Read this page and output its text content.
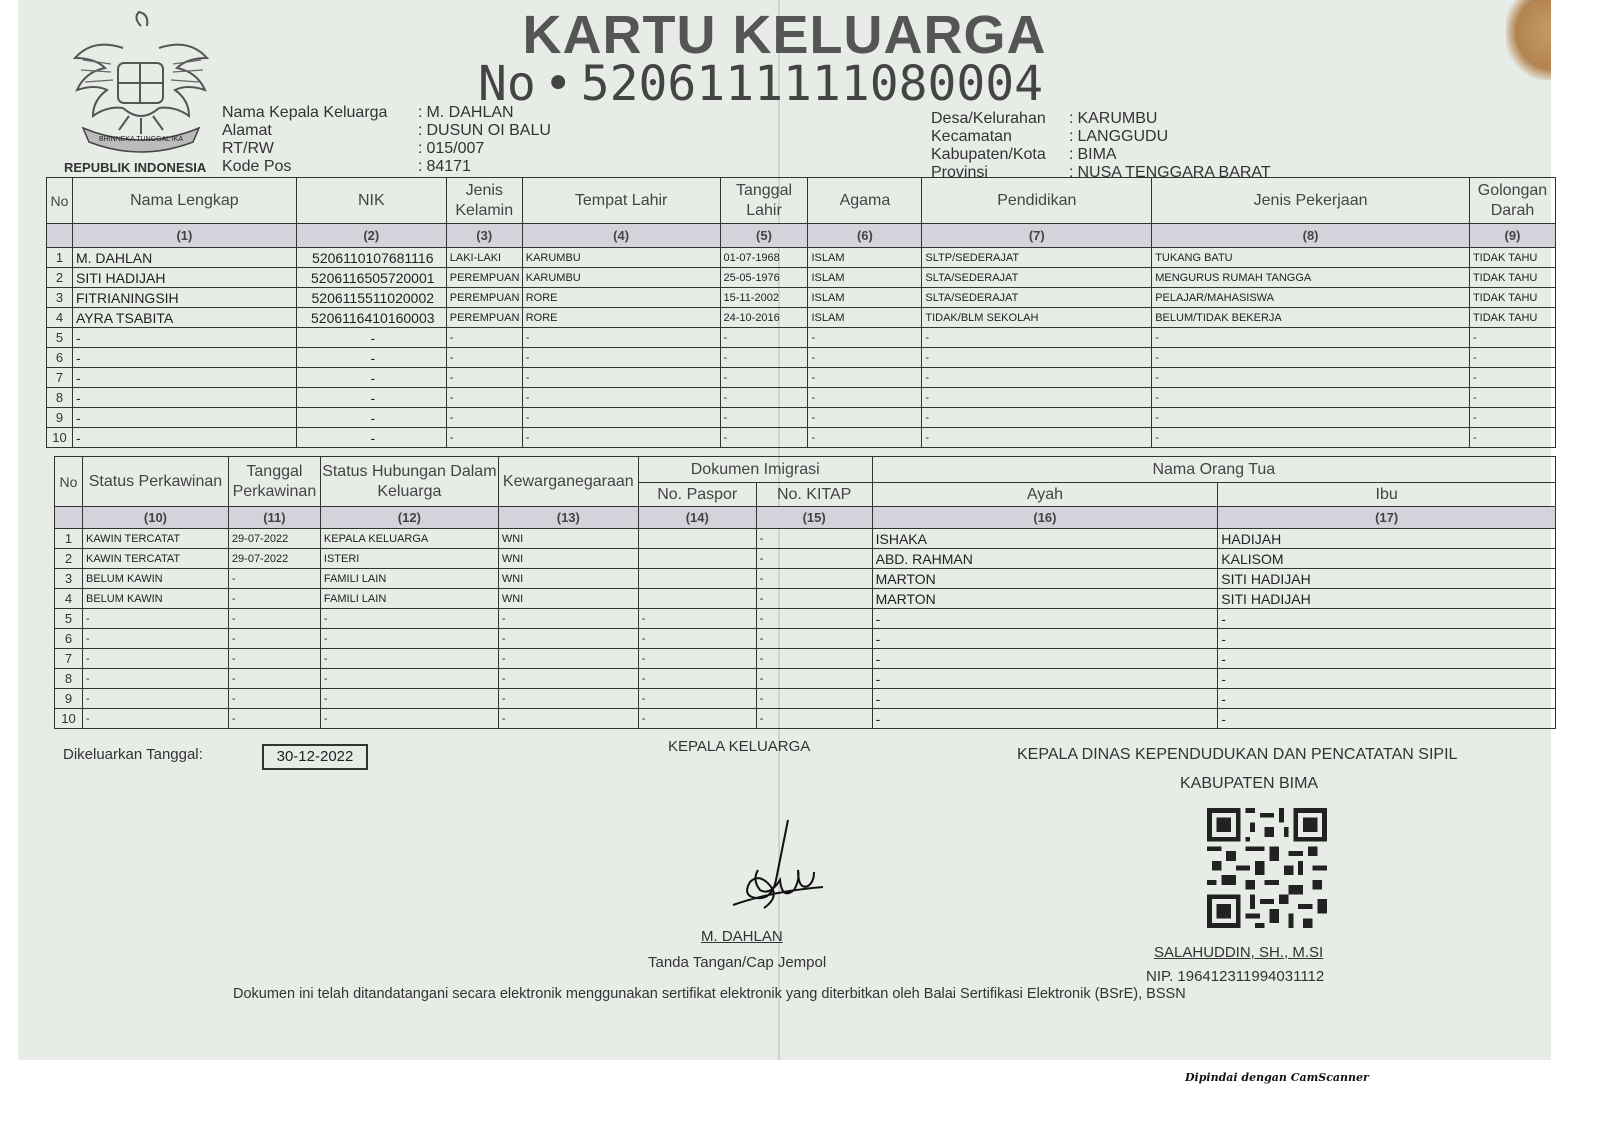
BHINNEKA TUNGGAL IKA
REPUBLIK INDONESIA
KARTU KELUARGA
No • 5206111111080004
Nama Kepala Keluarga	: M. DAHLAN
Alamat	: DUSUN OI BALU
RT/RW	: 015/007
Kode Pos	: 84171
Desa/Kelurahan	: KARUMBU
Kecamatan	: LANGGUDU
Kabupaten/Kota	: BIMA
Provinsi	: NUSA TENGGARA BARAT
No	Nama Lengkap	NIK	Jenis Kelamin	Tempat Lahir	Tanggal Lahir	Agama	Pendidikan	Jenis Pekerjaan	Golongan Darah
	(1)	(2)	(3)	(4)	(5)	(6)	(7)	(8)	(9)
1	M. DAHLAN	5206110107681116	LAKI-LAKI	KARUMBU	01-07-1968	ISLAM	SLTP/SEDERAJAT	TUKANG BATU	TIDAK TAHU
2	SITI HADIJAH	5206116505720001	PEREMPUAN	KARUMBU	25-05-1976	ISLAM	SLTA/SEDERAJAT	MENGURUS RUMAH TANGGA	TIDAK TAHU
3	FITRIANINGSIH	5206115511020002	PEREMPUAN	RORE	15-11-2002	ISLAM	SLTA/SEDERAJAT	PELAJAR/MAHASISWA	TIDAK TAHU
4	AYRA TSABITA	5206116410160003	PEREMPUAN	RORE	24-10-2016	ISLAM	TIDAK/BLM SEKOLAH	BELUM/TIDAK BEKERJA	TIDAK TAHU
5	-	-	-	-	-	-	-	-	-
6	-	-	-	-	-	-	-	-	-
7	-	-	-	-	-	-	-	-	-
8	-	-	-	-	-	-	-	-	-
9	-	-	-	-	-	-	-	-	-
10	-	-	-	-	-	-	-	-	-
No	Status Perkawinan	Tanggal Perkawinan	Status Hubungan Dalam Keluarga	Kewarganegaraan	Dokumen Imigrasi		Nama Orang Tua	
					No. Paspor	No. KITAP	Ayah	Ibu
	(10)	(11)	(12)	(13)	(14)	(15)	(16)	(17)
1	KAWIN TERCATAT	29-07-2022	KEPALA KELUARGA	WNI		-	ISHAKA	HADIJAH
2	KAWIN TERCATAT	29-07-2022	ISTERI	WNI		-	ABD. RAHMAN	KALISOM
3	BELUM KAWIN	-	FAMILI LAIN	WNI		-	MARTON	SITI HADIJAH
4	BELUM KAWIN	-	FAMILI LAIN	WNI		-	MARTON	SITI HADIJAH
5	-	-	-	-	-	-	-	-
6	-	-	-	-	-	-	-	-
7	-	-	-	-	-	-	-	-
8	-	-	-	-	-	-	-	-
9	-	-	-	-	-	-	-	-
10	-	-	-	-	-	-	-	-
Dikeluarkan Tanggal:	30-12-2022
KEPALA KELUARGA
M. DAHLAN
Tanda Tangan/Cap Jempol
KEPALA DINAS KEPENDUDUKAN DAN PENCATATAN SIPIL
KABUPATEN BIMA
SALAHUDDIN, SH., M.SI
NIP. 196412311994031112
Dokumen ini telah ditandatangani secara elektronik menggunakan sertifikat elektronik yang diterbitkan oleh Balai Sertifikasi Elektronik (BSrE), BSSN
Dipindai dengan CamScanner
